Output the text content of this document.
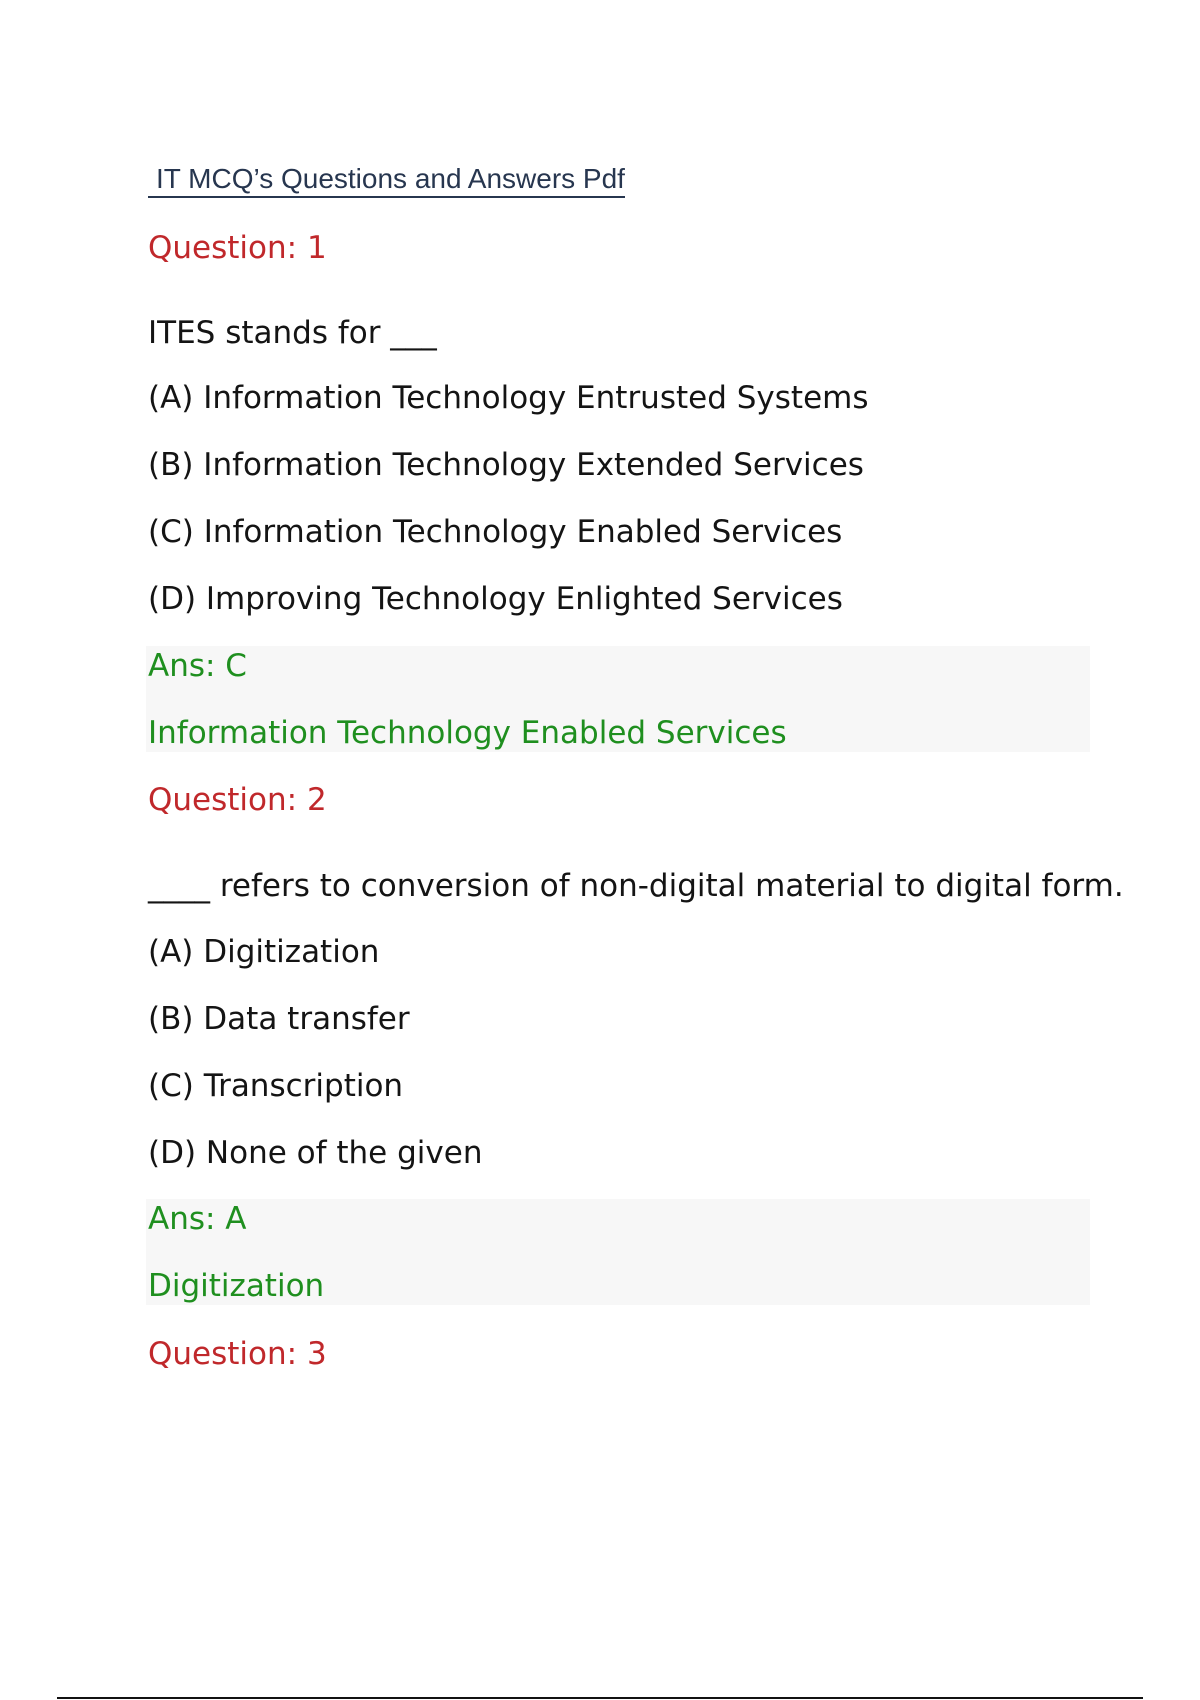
IT MCQ’s Questions and Answers Pdf
Question: 1
ITES stands for ___
(A) Information Technology Entrusted Systems
(B) Information Technology Extended Services
(C) Information Technology Enabled Services
(D) Improving Technology Enlighted Services
Ans: C
Information Technology Enabled Services
Question: 2
____ refers to conversion of non-digital material to digital form.
(A) Digitization
(B) Data transfer
(C) Transcription
(D) None of the given
Ans: A
Digitization
Question: 3
